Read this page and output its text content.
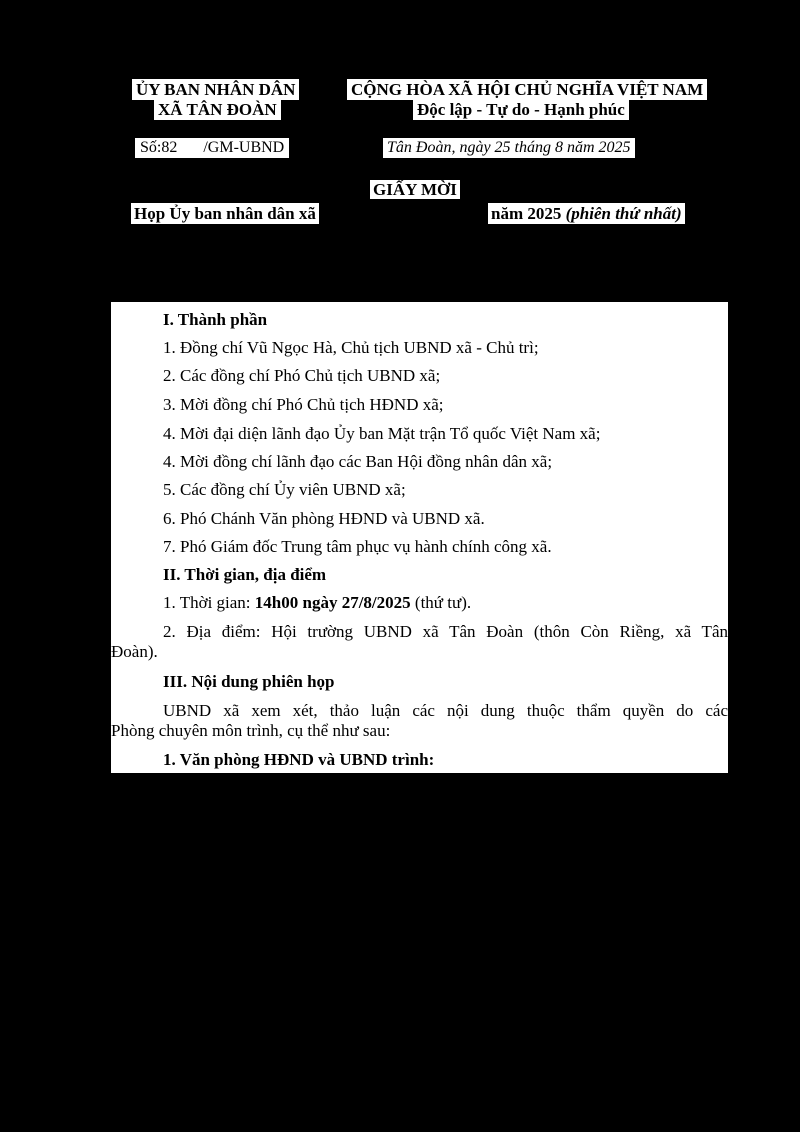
ỦY BAN NHÂN DÂN
XÃ TÂN ĐOÀN
CỘNG HÒA XÃ HỘI CHỦ NGHĨA VIỆT NAM
Độc lập - Tự do - Hạnh phúc
Số:82 /GM-UBND	Tân Đoàn, ngày 25 tháng 8 năm 2025
GIẤY MỜI
Họp Ủy ban nhân dân xã	năm 2025 (phiên thứ nhất)

I. Thành phần

1. Đồng chí Vũ Ngọc Hà, Chủ tịch UBND xã - Chủ trì;

2. Các đồng chí Phó Chủ tịch UBND xã;

3. Mời đồng chí Phó Chủ tịch HĐND xã;

4. Mời đại diện lãnh đạo Ủy ban Mặt trận Tổ quốc Việt Nam xã;

4. Mời đồng chí lãnh đạo các Ban Hội đồng nhân dân xã;

5. Các đồng chí Ủy viên UBND xã;

6. Phó Chánh Văn phòng HĐND và UBND xã.

7. Phó Giám đốc Trung tâm phục vụ hành chính công xã.

II. Thời gian, địa điểm

1. Thời gian: 14h00 ngày 27/8/2025 (thứ tư).

2. Địa điểm: Hội trường UBND xã Tân Đoàn (thôn Còn Riềng, xã Tân

Đoàn).

III. Nội dung phiên họp

UBND xã xem xét, thảo luận các nội dung thuộc thẩm quyền do các

Phòng chuyên môn trình, cụ thể như sau:

1. Văn phòng HĐND và UBND trình:
